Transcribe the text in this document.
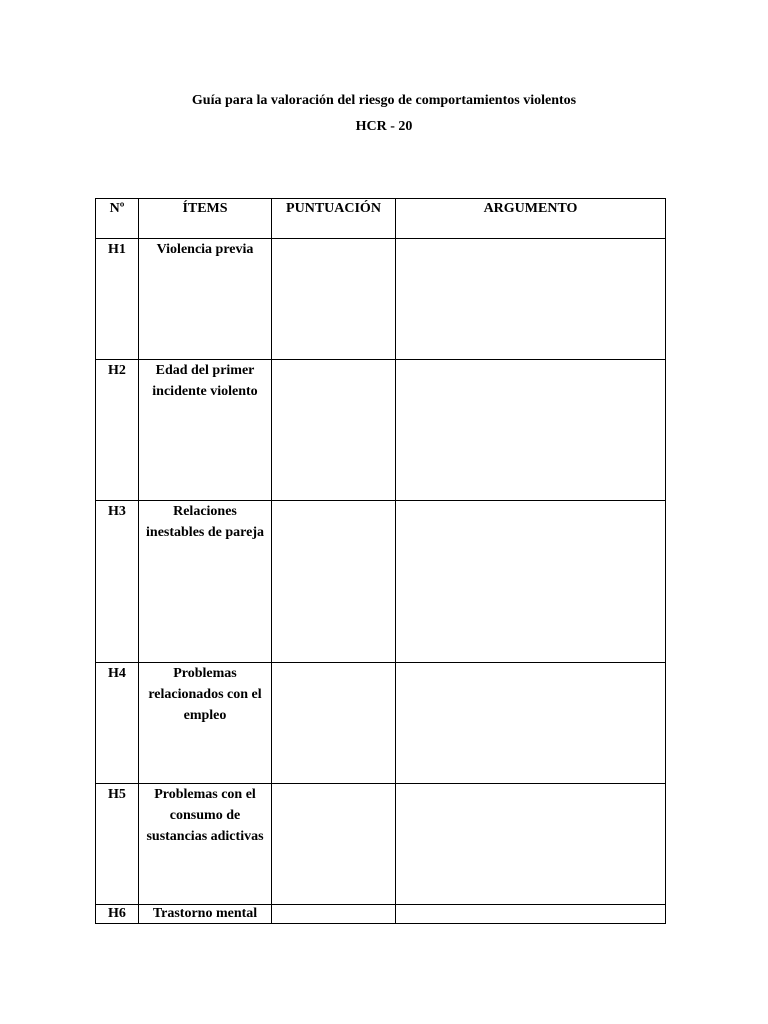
Guía para la valoración del riesgo de comportamientos violentos
HCR - 20
Nº	ÍTEMS	PUNTUACIÓN	ARGUMENTO
H1	Violencia previa		
H2	Edad del primer incidente violento		
H3	Relaciones inestables de pareja		
H4	Problemas relacionados con el empleo		
H5	Problemas con el consumo de sustancias adictivas		
H6	Trastorno mental		
